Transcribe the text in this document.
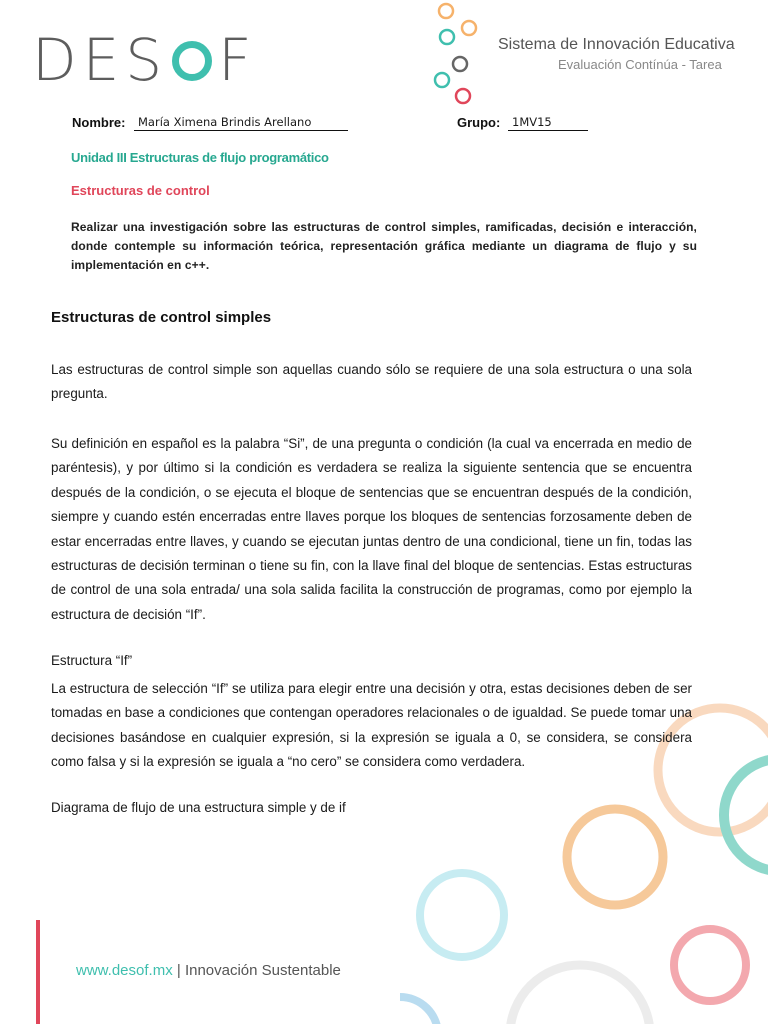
DES F	Sistema de Innovación Educativa
Evaluación Contínúa - Tarea
Nombre:	María Ximena Brindis Arellano	Grupo:	1MV15
Unidad III Estructuras de flujo programático
Estructuras de control
Realizar una investigación sobre las estructuras de control simples, ramificadas, decisión e interacción, donde contemple su información teórica, representación gráfica mediante un diagrama de flujo y su implementación en c++.
Estructuras de control simples
Las estructuras de control simple son aquellas cuando sólo se requiere de una sola estructura o una sola pregunta.
Su definición en español es la palabra “Si”, de una pregunta o condición (la cual va encerrada en medio de paréntesis), y por último si la condición es verdadera se realiza la siguiente sentencia que se encuentra después de la condición, o se ejecuta el bloque de sentencias que se encuentran después de la condición, siempre y cuando estén encerradas entre llaves porque los bloques de sentencias forzosamente deben de estar encerradas entre llaves, y cuando se ejecutan juntas dentro de una condicional, tiene un fin, todas las estructuras de decisión terminan o tiene su fin, con la llave final del bloque de sentencias. Estas estructuras de control de una sola entrada/ una sola salida facilita la construcción de programas, como por ejemplo la estructura de decisión “If”.
Estructura “If”
La estructura de selección “If” se utiliza para elegir entre una decisión y otra, estas decisiones deben de ser tomadas en base a condiciones que contengan operadores relacionales o de igualdad. Se puede tomar una decisiones basándose en cualquier expresión, si la expresión se iguala a 0, se considera, se considera como falsa y si la expresión se iguala a “no cero” se considera como verdadera.
Diagrama de flujo de una estructura simple y de if
www.desof.mx | Innovación Sustentable
